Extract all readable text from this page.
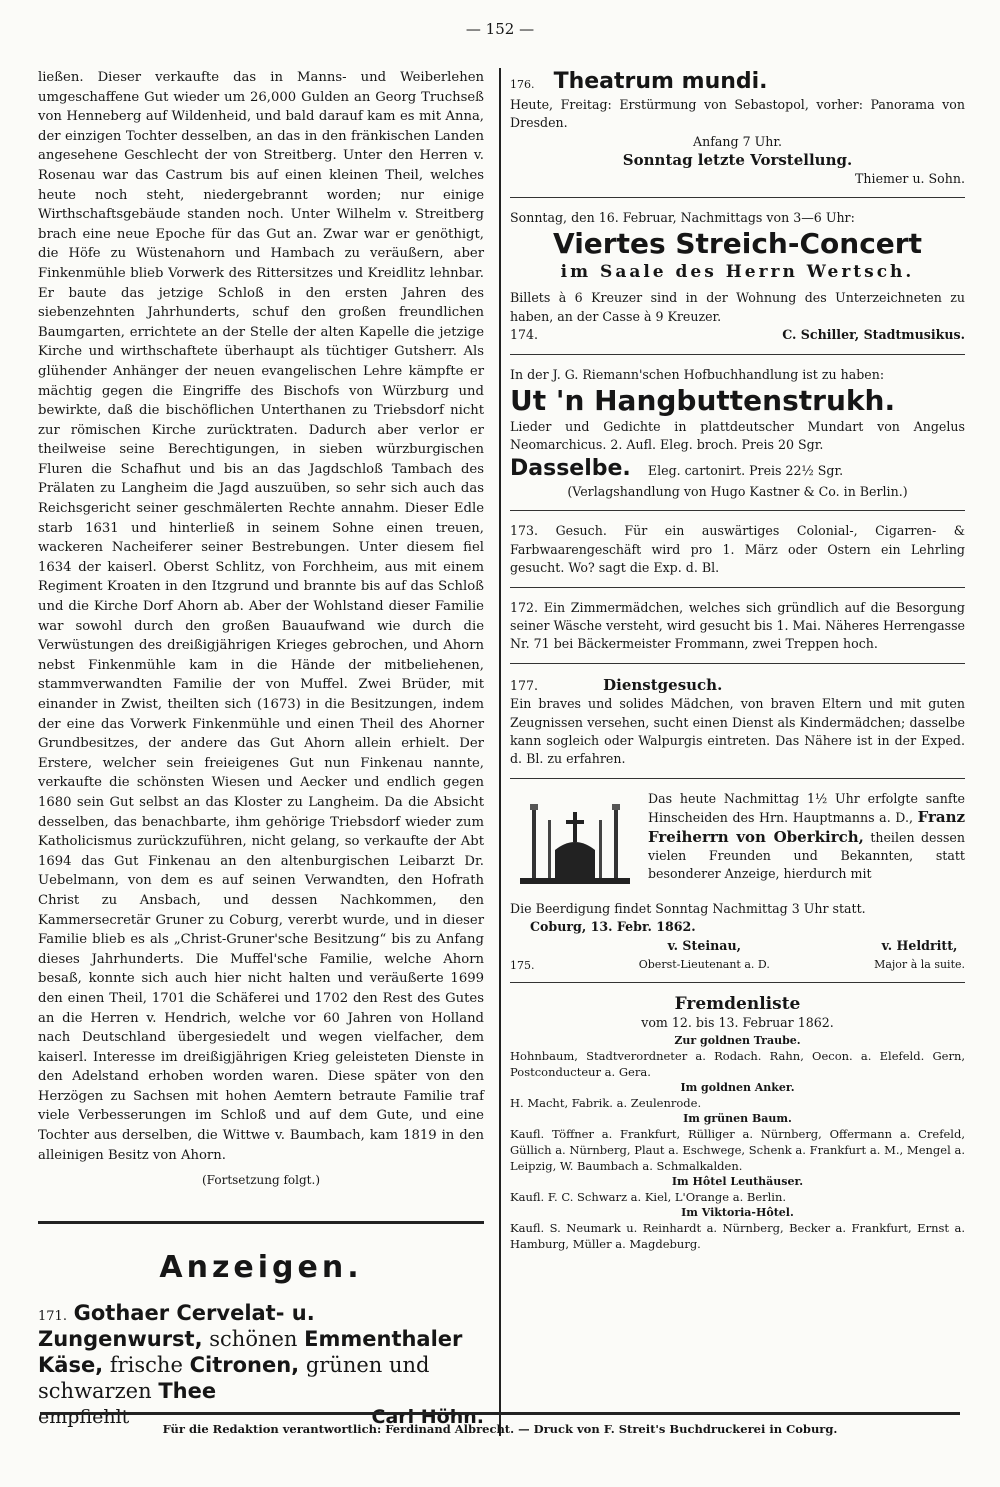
— 152 —

ließen. Dieser verkaufte das in Manns- und Weiberlehen umgeschaffene Gut wieder um 26,000 Gulden an Georg Truchseß von Henneberg auf Wildenheid, und bald darauf kam es mit Anna, der einzigen Tochter desselben, an das in den fränkischen Landen angesehene Geschlecht der von Streitberg. Unter den Herren v. Rosenau war das Castrum bis auf einen kleinen Theil, welches heute noch steht, niedergebrannt worden; nur einige Wirthschaftsgebäude standen noch. Unter Wilhelm v. Streitberg brach eine neue Epoche für das Gut an. Zwar war er genöthigt, die Höfe zu Wüstenahorn und Hambach zu veräußern, aber Finkenmühle blieb Vorwerk des Rittersitzes und Kreidlitz lehnbar. Er baute das jetzige Schloß in den ersten Jahren des siebenzehnten Jahrhunderts, schuf den großen freundlichen Baumgarten, errichtete an der Stelle der alten Kapelle die jetzige Kirche und wirthschaftete überhaupt als tüchtiger Gutsherr. Als glühender Anhänger der neuen evangelischen Lehre kämpfte er mächtig gegen die Eingriffe des Bischofs von Würzburg und bewirkte, daß die bischöflichen Unterthanen zu Triebsdorf nicht zur römischen Kirche zurücktraten. Dadurch aber verlor er theilweise seine Berechtigungen, in sieben würzburgischen Fluren die Schafhut und bis an das Jagdschloß Tambach des Prälaten zu Langheim die Jagd auszuüben, so sehr sich auch das Reichsgericht seiner geschmälerten Rechte annahm. Dieser Edle starb 1631 und hinterließ in seinem Sohne einen treuen, wackeren Nacheiferer seiner Bestrebungen. Unter diesem fiel 1634 der kaiserl. Oberst Schlitz, von Forchheim, aus mit einem Regiment Kroaten in den Itzgrund und brannte bis auf das Schloß und die Kirche Dorf Ahorn ab. Aber der Wohlstand dieser Familie war sowohl durch den großen Bauaufwand wie durch die Verwüstungen des dreißigjährigen Krieges gebrochen, und Ahorn nebst Finkenmühle kam in die Hände der mitbeliehenen, stammverwandten Familie der von Muffel. Zwei Brüder, mit einander in Zwist, theilten sich (1673) in die Besitzungen, indem der eine das Vorwerk Finkenmühle und einen Theil des Ahorner Grundbesitzes, der andere das Gut Ahorn allein erhielt. Der Erstere, welcher sein freieigenes Gut nun Finkenau nannte, verkaufte die schönsten Wiesen und Aecker und endlich gegen 1680 sein Gut selbst an das Kloster zu Langheim. Da die Absicht desselben, das benachbarte, ihm gehörige Triebsdorf wieder zum Katholicismus zurückzuführen, nicht gelang, so verkaufte der Abt 1694 das Gut Finkenau an den altenburgischen Leibarzt Dr. Uebelmann, von dem es auf seinen Verwandten, den Hofrath Christ zu Ansbach, und dessen Nachkommen, den Kammersecretär Gruner zu Coburg, vererbt wurde, und in dieser Familie blieb es als „Christ-Gruner'sche Besitzung“ bis zu Anfang dieses Jahrhunderts. Die Muffel'sche Familie, welche Ahorn besaß, konnte sich auch hier nicht halten und veräußerte 1699 den einen Theil, 1701 die Schäferei und 1702 den Rest des Gutes an die Herren v. Hendrich, welche vor 60 Jahren von Holland nach Deutschland übergesiedelt und wegen vielfacher, dem kaiserl. Interesse im dreißigjährigen Krieg geleisteten Dienste in den Adelstand erhoben worden waren. Diese später von den Herzögen zu Sachsen mit hohen Aemtern betraute Familie traf viele Verbesserungen im Schloß und auf dem Gute, und eine Tochter aus derselben, die Wittwe v. Baumbach, kam 1819 in den alleinigen Besitz von Ahorn.

(Fortsetzung folgt.)

Anzeigen.
171. Gothaer Cervelat- u. Zungenwurst, schönen Emmenthaler Käse, frische Citronen, grünen und schwarzen Thee

empfiehlt	Carl Höhn.
176. Theatrum mundi.

Heute, Freitag: Erstürmung von Sebastopol, vorher: Panorama von Dresden.

Anfang 7 Uhr.

Sonntag letzte Vorstellung.

Thiemer u. Sohn.

Sonntag, den 16. Februar, Nachmittags von 3—6 Uhr:

Viertes Streich-Concert
im Saale des Herrn Wertsch.

Billets à 6 Kreuzer sind in der Wohnung des Unterzeichneten zu haben, an der Casse à 9 Kreuzer.

174.	C. Schiller, Stadtmusikus.

In der J. G. Riemann'schen Hofbuchhandlung ist zu haben:

Ut 'n Hangbuttenstrukh.

Lieder und Gedichte in plattdeutscher Mundart von Angelus Neomarchicus. 2. Aufl. Eleg. broch. Preis 20 Sgr.

Dasselbe. Eleg. cartonirt. Preis 22½ Sgr.

(Verlagshandlung von Hugo Kastner & Co. in Berlin.)

173. Gesuch. Für ein auswärtiges Colonial-, Cigarren- & Farbwaarengeschäft wird pro 1. März oder Ostern ein Lehrling gesucht. Wo? sagt die Exp. d. Bl.

172. Ein Zimmermädchen, welches sich gründlich auf die Besorgung seiner Wäsche versteht, wird gesucht bis 1. Mai. Näheres Herrengasse Nr. 71 bei Bäckermeister Frommann, zwei Treppen hoch.

177.	Dienstgesuch.

Ein braves und solides Mädchen, von braven Eltern und mit guten Zeugnissen versehen, sucht einen Dienst als Kindermädchen; dasselbe kann sogleich oder Walpurgis eintreten. Das Nähere ist in der Exped. d. Bl. zu erfahren.

Das heute Nachmittag 1½ Uhr erfolgte sanfte Hinscheiden des Hrn. Hauptmanns a. D., Franz Freiherrn von Oberkirch, theilen dessen vielen Freunden und Bekannten, statt besonderer Anzeige, hierdurch mit

Die Beerdigung findet Sonntag Nachmittag 3 Uhr statt.

Coburg, 13. Febr. 1862.

175.
v. Steinau,
Oberst-Lieutenant a. D.
v. Heldritt,
Major à la suite.
Fremdenliste
vom 12. bis 13. Februar 1862.
Zur goldnen Traube.

Hohnbaum, Stadtverordneter a. Rodach. Rahn, Oecon. a. Elefeld. Gern, Postconducteur a. Gera.

Im goldnen Anker.

H. Macht, Fabrik. a. Zeulenrode.

Im grünen Baum.

Kaufl. Töffner a. Frankfurt, Rülliger a. Nürnberg, Offermann a. Crefeld, Güllich a. Nürnberg, Plaut a. Eschwege, Schenk a. Frankfurt a. M., Mengel a. Leipzig, W. Baumbach a. Schmalkalden.

Im Hôtel Leuthäuser.

Kaufl. F. C. Schwarz a. Kiel, L'Orange a. Berlin.

Im Viktoria-Hôtel.

Kaufl. S. Neumark u. Reinhardt a. Nürnberg, Becker a. Frankfurt, Ernst a. Hamburg, Müller a. Magdeburg.

Für die Redaktion verantwortlich: Ferdinand Albrecht. — Druck von F. Streit's Buchdruckerei in Coburg.
